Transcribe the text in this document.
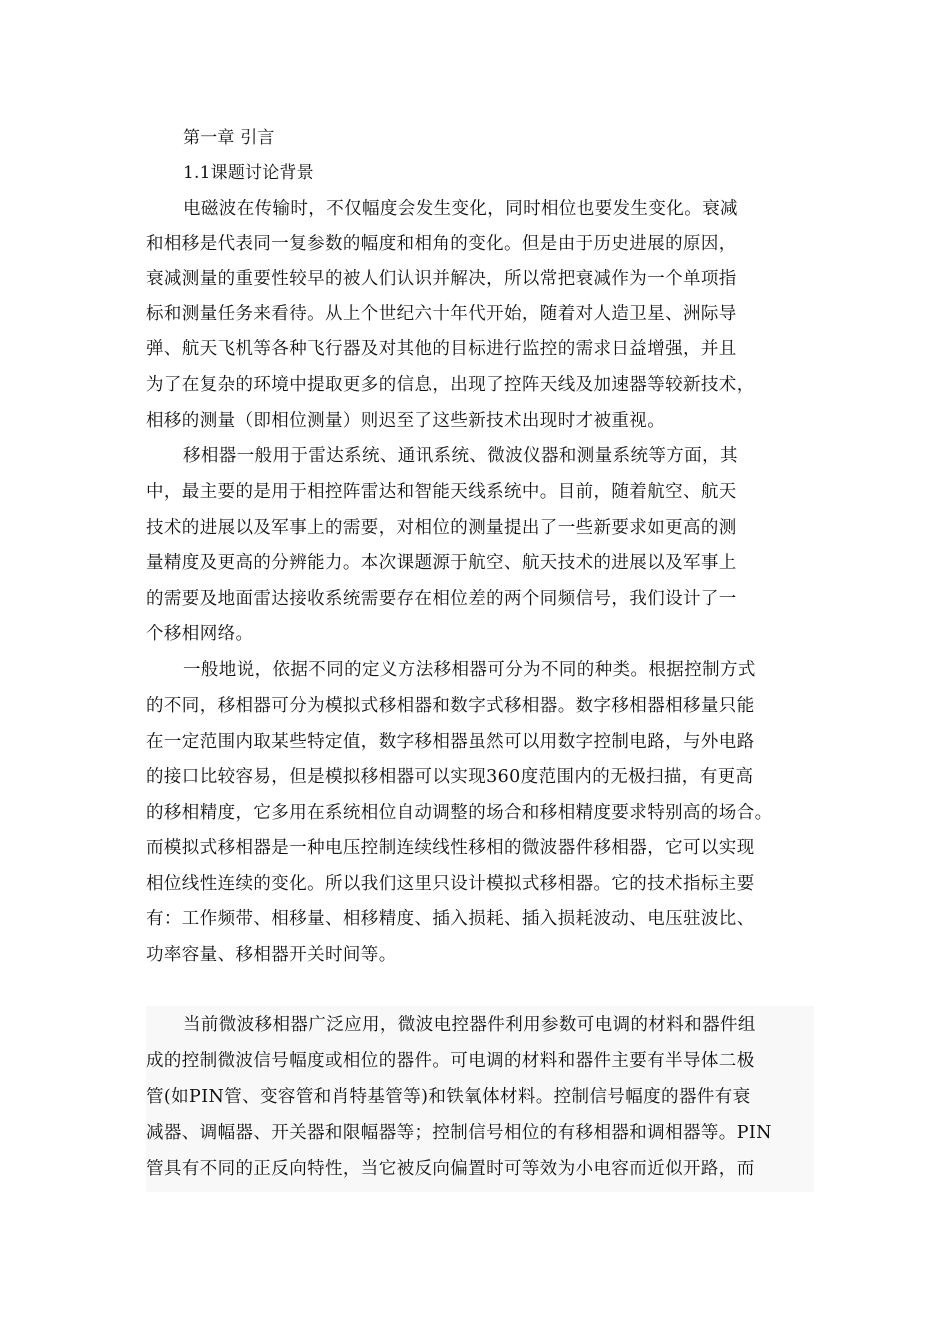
第一章 引言
1.1课题讨论背景
电磁波在传输时，不仅幅度会发生变化，同时相位也要发生变化。衰减
和相移是代表同一复参数的幅度和相角的变化。但是由于历史进展的原因，
衰减测量的重要性较早的被人们认识并解决，所以常把衰减作为一个单项指
标和测量任务来看待。从上个世纪六十年代开始，随着对人造卫星、洲际导
弹、航天飞机等各种飞行器及对其他的目标进行监控的需求日益增强，并且
为了在复杂的环境中提取更多的信息，出现了控阵天线及加速器等较新技术，
相移的测量（即相位测量）则迟至了这些新技术出现时才被重视。
移相器一般用于雷达系统、通讯系统、微波仪器和测量系统等方面，其
中，最主要的是用于相控阵雷达和智能天线系统中。目前，随着航空、航天
技术的进展以及军事上的需要，对相位的测量提出了一些新要求如更高的测
量精度及更高的分辨能力。本次课题源于航空、航天技术的进展以及军事上
的需要及地面雷达接收系统需要存在相位差的两个同频信号，我们设计了一
个移相网络。
一般地说，依据不同的定义方法移相器可分为不同的种类。根据控制方式
的不同，移相器可分为模拟式移相器和数字式移相器。数字移相器相移量只能
在一定范围内取某些特定值，数字移相器虽然可以用数字控制电路，与外电路
的接口比较容易，但是模拟移相器可以实现360度范围内的无极扫描，有更高
的移相精度，它多用在系统相位自动调整的场合和移相精度要求特别高的场合。
而模拟式移相器是一种电压控制连续线性移相的微波器件移相器，它可以实现
相位线性连续的变化。所以我们这里只设计模拟式移相器。它的技术指标主要
有：工作频带、相移量、相移精度、插入损耗、插入损耗波动、电压驻波比、
功率容量、移相器开关时间等。
当前微波移相器广泛应用，微波电控器件利用参数可电调的材料和器件组
成的控制微波信号幅度或相位的器件。可电调的材料和器件主要有半导体二极
管(如PIN管、变容管和肖特基管等)和铁氧体材料。控制信号幅度的器件有衰
减器、调幅器、开关器和限幅器等；控制信号相位的有移相器和调相器等。PIN
管具有不同的正反向特性，当它被反向偏置时可等效为小电容而近似开路，而
